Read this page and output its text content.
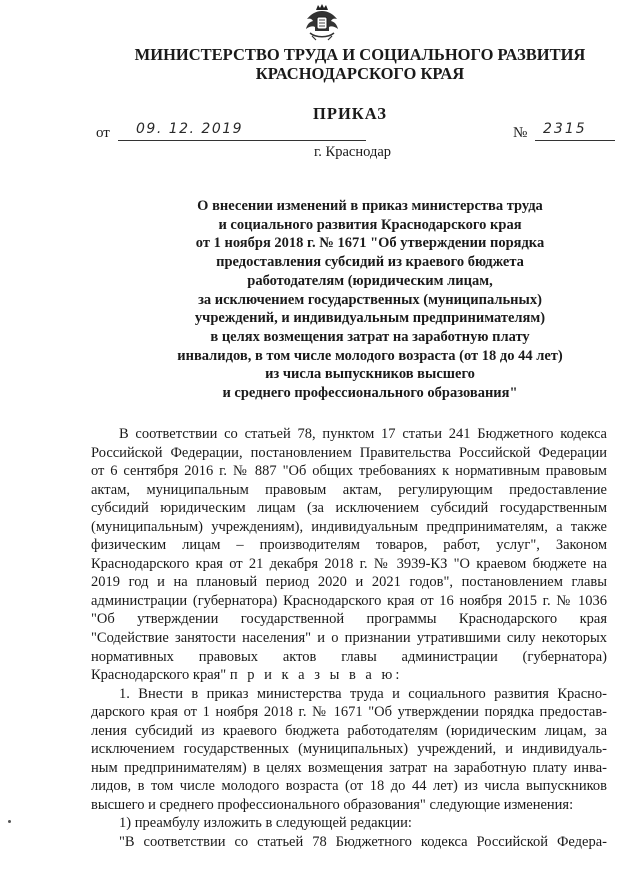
МИНИСТЕРСТВО ТРУДА И СОЦИАЛЬНОГО РАЗВИТИЯ
КРАСНОДАРСКОГО КРАЯ
ПРИКАЗ
от 09. 12. 2019	№ 2315
г. Краснодар
О внесении изменений в приказ министерства труда
и социального развития Краснодарского края
от 1 ноября 2018 г. № 1671 "Об утверждении порядка
предоставления субсидий из краевого бюджета
работодателям (юридическим лицам,
за исключением государственных (муниципальных)
учреждений, и индивидуальным предпринимателям)
в целях возмещения затрат на заработную плату
инвалидов, в том числе молодого возраста (от 18 до 44 лет)
из числа выпускников высшего
и среднего профессионального образования"
В соответствии со статьей 78, пунктом 17 статьи 241 Бюджетного кодекса
Российской Федерации, постановлением Правительства Российской Федерации
от 6 сентября 2016 г. № 887 "Об общих требованиях к нормативным правовым
актам, муниципальным правовым актам, регулирующим предоставление
субсидий юридическим лицам (за исключением субсидий государственным
(муниципальным) учреждениям), индивидуальным предпринимателям, а также
физическим лицам – производителям товаров, работ, услуг", Законом
Краснодарского края от 21 декабря 2018 г. № 3939-КЗ "О краевом бюджете на
2019 год и на плановый период 2020 и 2021 годов", постановлением главы
администрации (губернатора) Краснодарского края от 16 ноября 2015 г. № 1036
"Об утверждении государственной программы Краснодарского края
"Содействие занятости населения" и о признании утратившими силу некоторых
нормативных правовых актов главы администрации (губернатора)
Краснодарского края" п р и к а з ы в а ю:
1. Внести в приказ министерства труда и социального развития Красно-
дарского края от 1 ноября 2018 г. № 1671 "Об утверждении порядка предостав-
ления субсидий из краевого бюджета работодателям (юридическим лицам, за
исключением государственных (муниципальных) учреждений, и индивидуаль-
ным предпринимателям) в целях возмещения затрат на заработную плату инва-
лидов, в том числе молодого возраста (от 18 до 44 лет) из числа выпускников
высшего и среднего профессионального образования" следующие изменения:
1) преамбулу изложить в следующей редакции:
"В соответствии со статьей 78 Бюджетного кодекса Российской Федера-
